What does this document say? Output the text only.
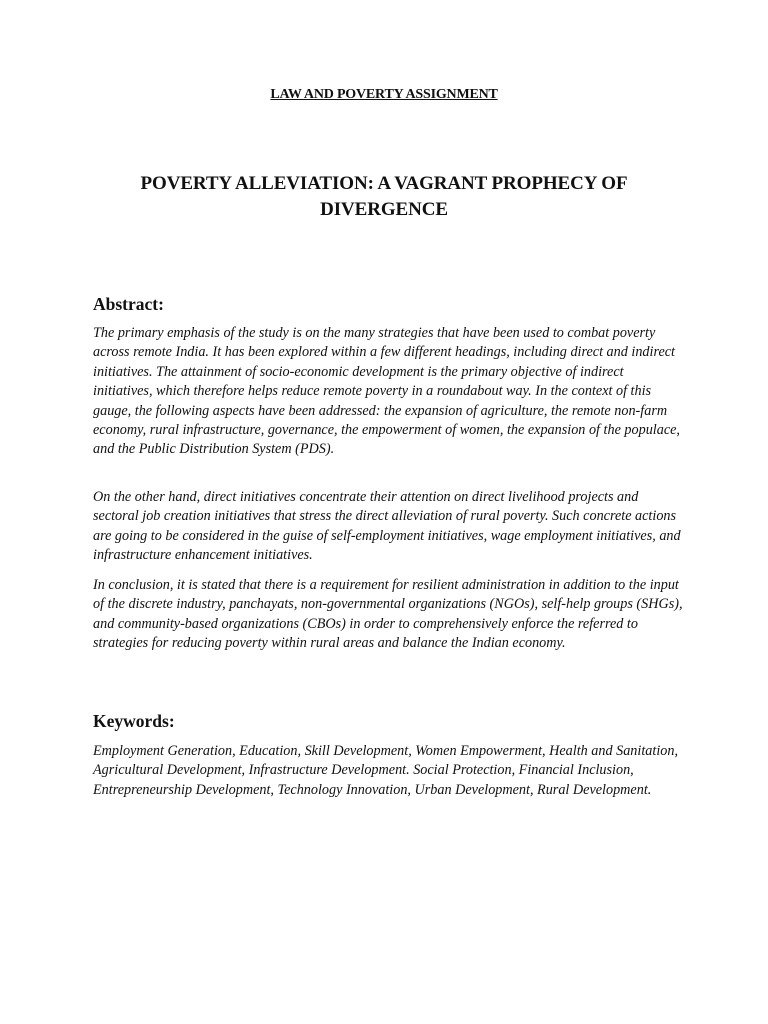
LAW AND POVERTY ASSIGNMENT
POVERTY ALLEVIATION: A VAGRANT PROPHECY OF
DIVERGENCE
Abstract:

The primary emphasis of the study is on the many strategies that have been used to combat poverty across remote India. It has been explored within a few different headings, including direct and indirect initiatives. The attainment of socio-economic development is the primary objective of indirect initiatives, which therefore helps reduce remote poverty in a roundabout way. In the context of this gauge, the following aspects have been addressed: the expansion of agriculture, the remote non-farm economy, rural infrastructure, governance, the empowerment of women, the expansion of the populace, and the Public Distribution System (PDS).

On the other hand, direct initiatives concentrate their attention on direct livelihood projects and sectoral job creation initiatives that stress the direct alleviation of rural poverty. Such concrete actions are going to be considered in the guise of self-employment initiatives, wage employment initiatives, and infrastructure enhancement initiatives.

In conclusion, it is stated that there is a requirement for resilient administration in addition to the input of the discrete industry, panchayats, non-governmental organizations (NGOs), self-help groups (SHGs), and community-based organizations (CBOs) in order to comprehensively enforce the referred to strategies for reducing poverty within rural areas and balance the Indian economy.

Keywords:

Employment Generation, Education, Skill Development, Women Empowerment, Health and Sanitation, Agricultural Development, Infrastructure Development. Social Protection, Financial Inclusion, Entrepreneurship Development, Technology Innovation, Urban Development, Rural Development.
